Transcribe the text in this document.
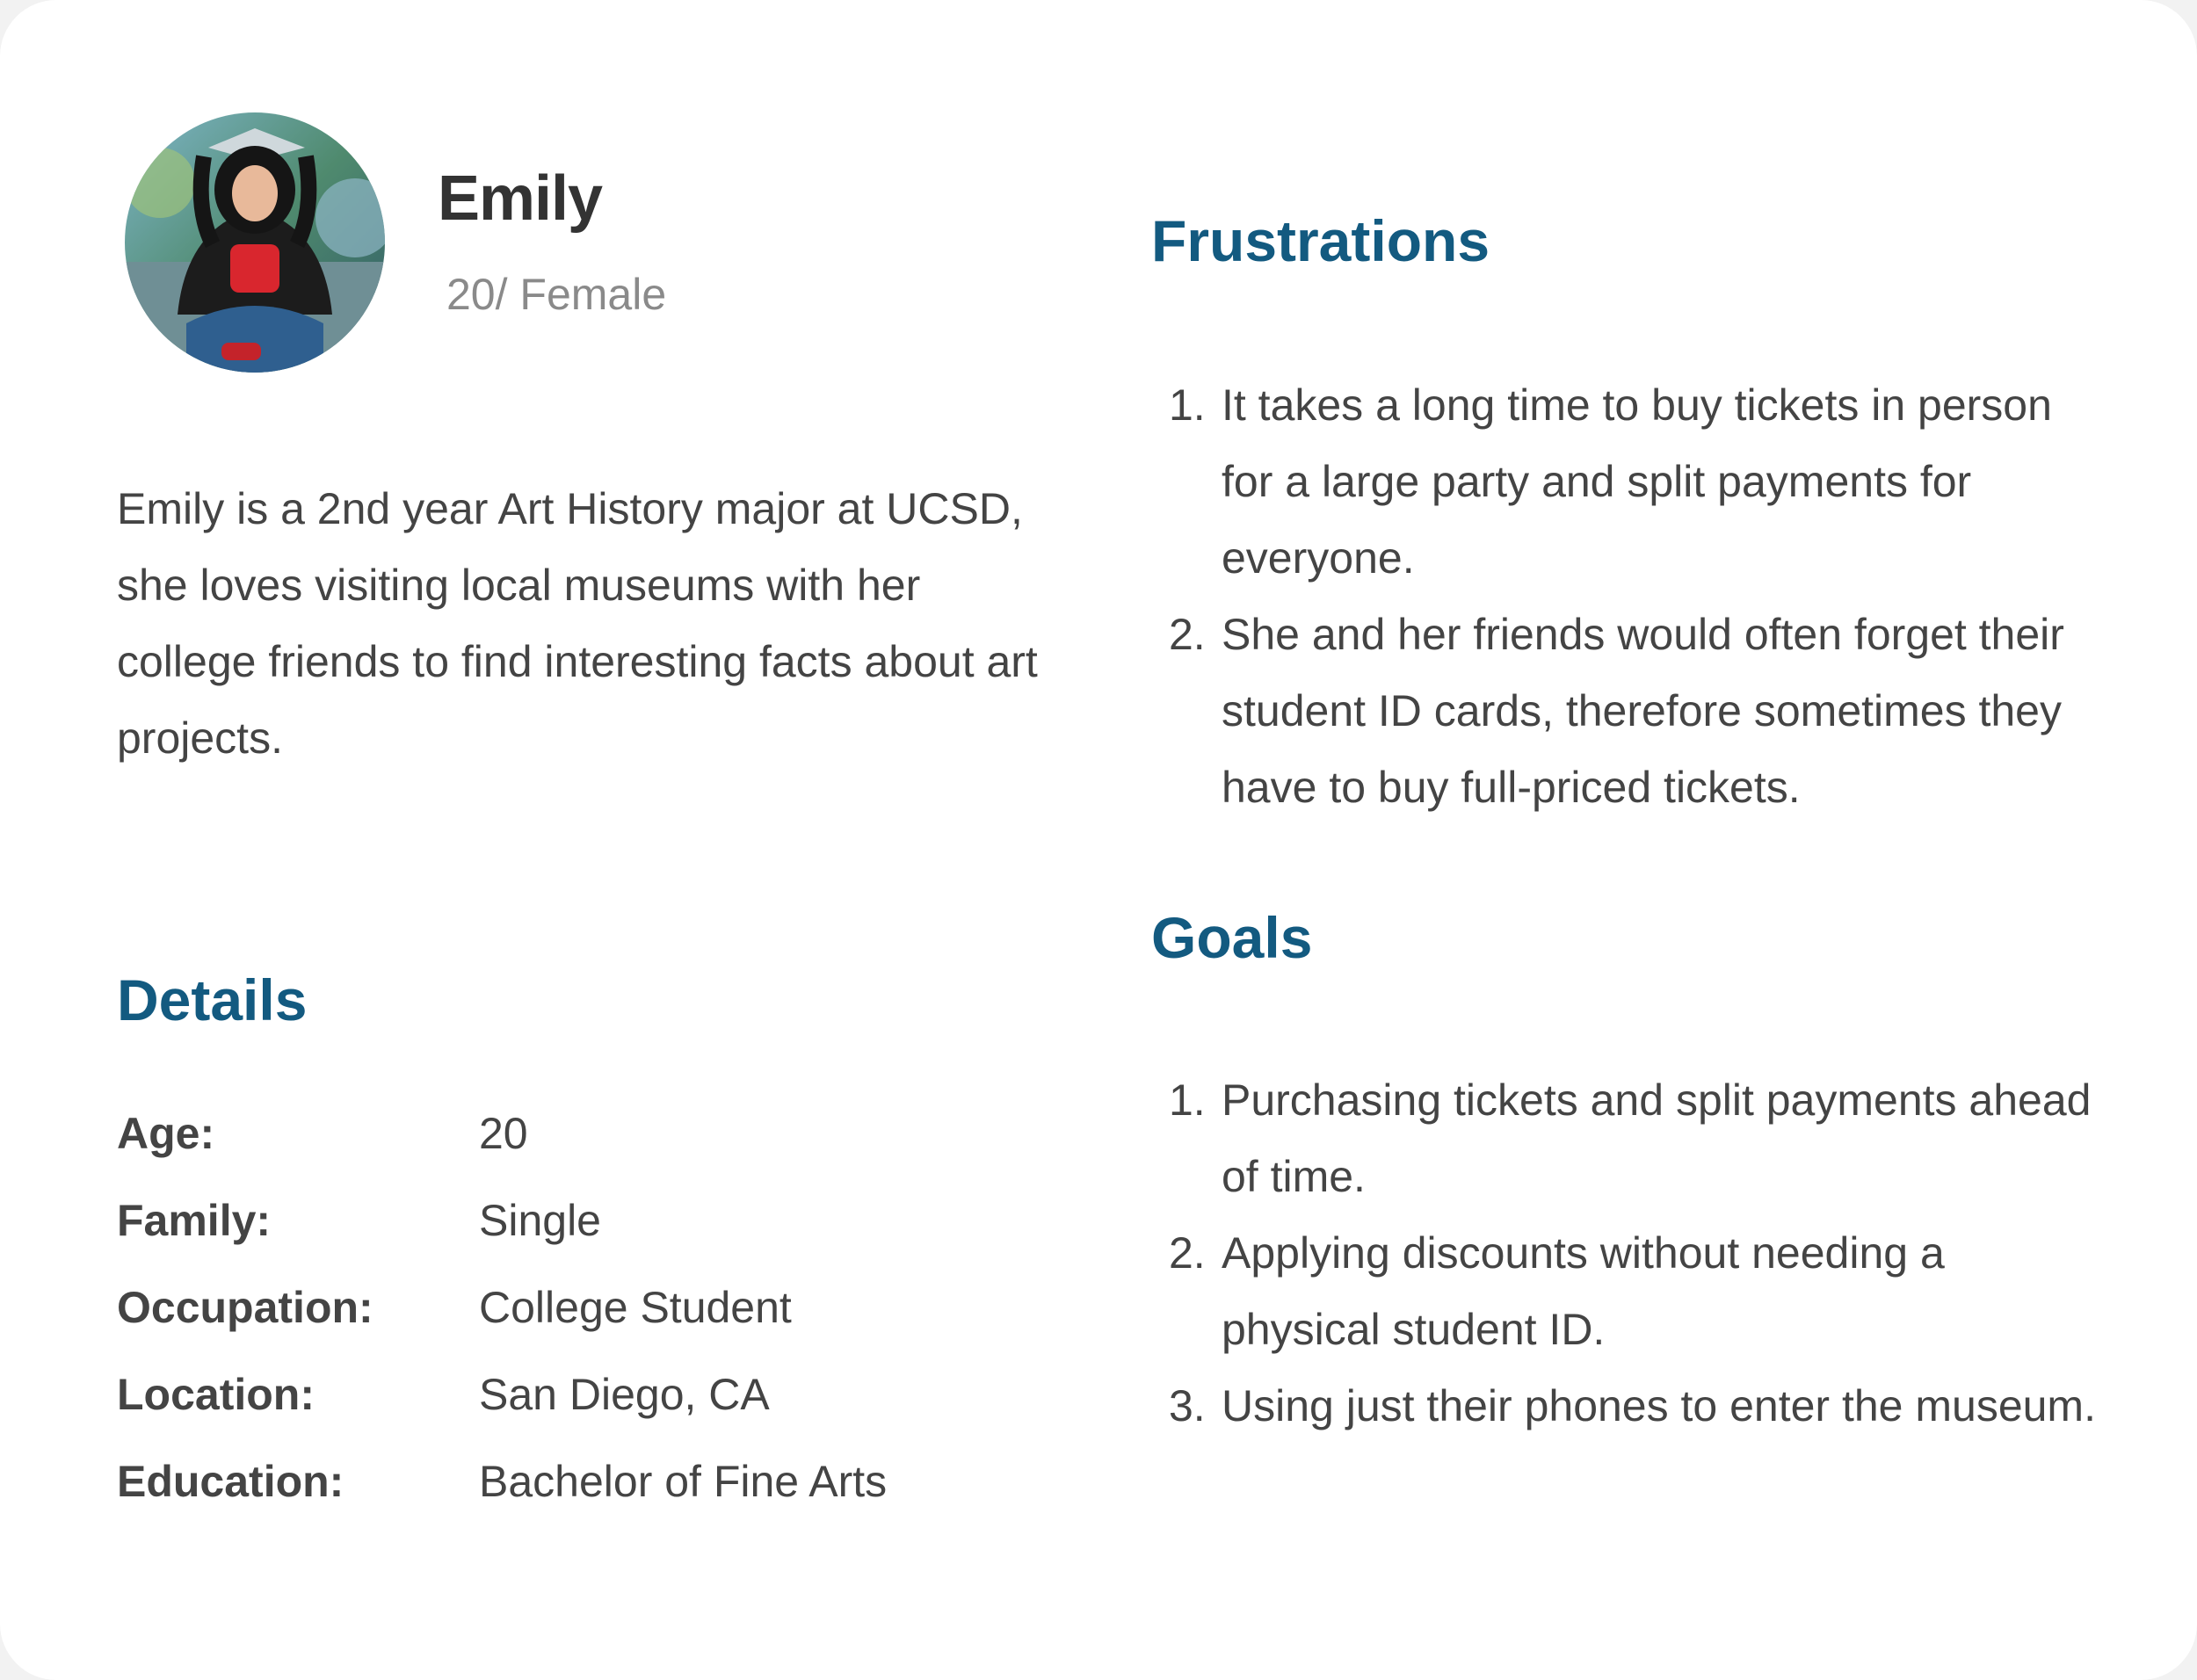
Emily
20/ Female
Emily is a 2nd year Art History major at UCSD, she loves visiting local museums with her college friends to find interesting facts about art projects.
Details
Age:	20
Family:	Single
Occupation:	College Student
Location:	San Diego, CA
Education:	Bachelor of Fine Arts
Frustrations
1. It takes a long time to buy tickets in person for a large party and split payments for everyone.
2. She and her friends would often forget their student ID cards, therefore sometimes they have to buy full-priced tickets.
Goals
1. Purchasing tickets and split payments ahead of time.
2. Applying discounts without needing a physical student ID.
3. Using just their phones to enter the museum.
